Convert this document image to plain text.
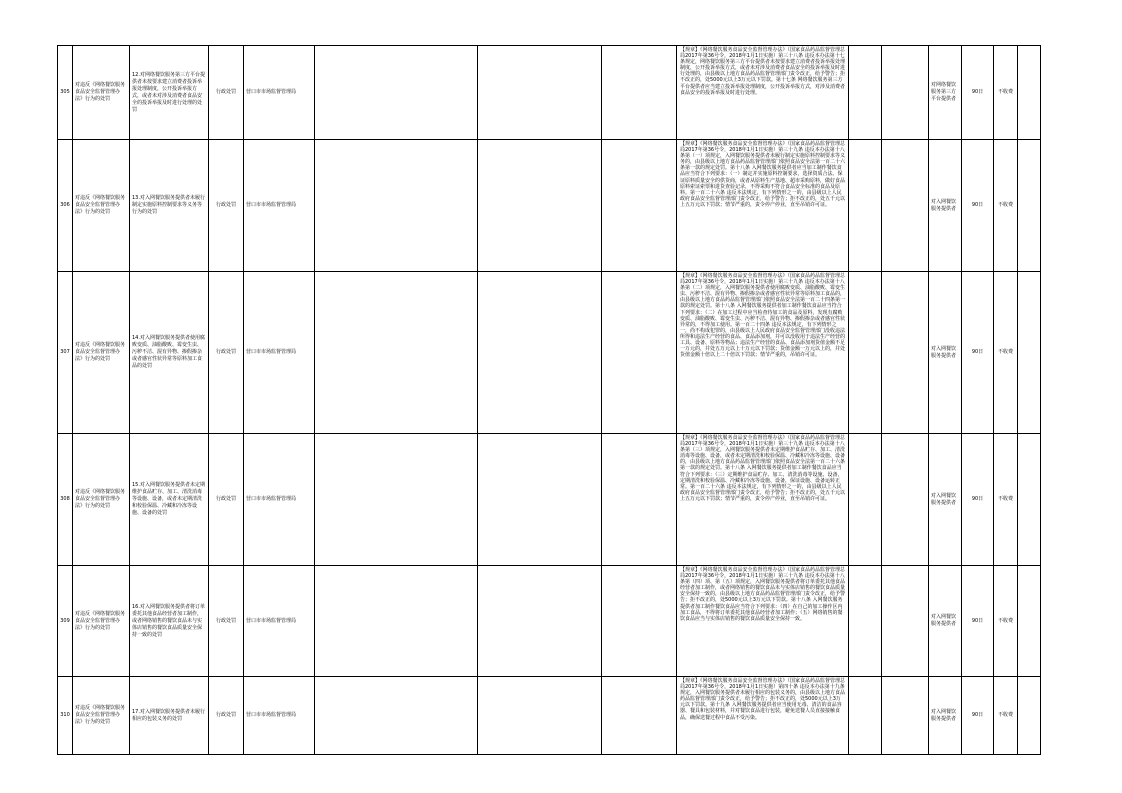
305	对违反《网络餐饮服务食品安全监督管理办法》行为的处罚	12.对网络餐饮服务第三方平台提供者未按要求建立消费者投诉举报处理制度，公开投诉举报方式，或者未对涉及消费者食品安全的投诉举报及时进行处理的处罚	行政处罚	营口市市场监督管理局				【规章】《网络餐饮服务食品安全监督管理办法》（国家食品药品监督管理总局2017年第36号令，2018年1月1日实施）第三十八条 违反本办法第十七条规定，网络餐饮服务第三方平台提供者未按要求建立消费者投诉举报处理制度，公开投诉举报方式，或者未对涉及消费者食品安全的投诉举报及时进行处理的，由县级以上地方食品药品监督管理部门责令改正，给予警告；拒不改正的，处5000元以上3万元以下罚款。第十七条 网络餐饮服务第三方平台提供者应当建立投诉举报处理制度，公开投诉举报方式，对涉及消费者食品安全的投诉举报及时进行处理。			对网络餐饮服务第三方平台提供者	90日	不收费	
306	对违反《网络餐饮服务食品安全监督管理办法》行为的处罚	13.对入网餐饮服务提供者未履行制定实施原料控制要求等义务等行为的处罚	行政处罚	营口市市场监督管理局				【规章】《网络餐饮服务食品安全监督管理办法》（国家食品药品监督管理总局2017年第36号令，2018年1月1日实施）第三十九条 违反本办法第十八条第（一）项规定，入网餐饮服务提供者未履行制定实施原料控制要求等义务的，由县级以上地方食品药品监督管理部门依照食品安全法第一百二十六条第一款的规定处罚。第十八条 入网餐饮服务提供者应当加工制作餐饮食品应当符合下列要求：（一）制定并实施原料控制要求，选择资质合法、保证原料质量安全的供货商，或者从原料生产基地、超市采购原料，做好食品原料索证索票和进货查验记录，不得采购不符合食品安全标准的食品及原料。第一百二十六条 违反本法规定，有下列情形之一的，由县级以上人民政府食品安全监督管理部门责令改正，给予警告；拒不改正的，处五千元以上五万元以下罚款；情节严重的，责令停产停业，直至吊销许可证。			对入网餐饮服务提供者	90日	不收费	
307	对违反《网络餐饮服务食品安全监督管理办法》行为的处罚	14.对入网餐饮服务提供者使用腐败变质、油脂酸败、霉变生虫、污秽不洁、混有异物、掺假掺杂或者感官性状异常等原料加工食品的处罚	行政处罚	营口市市场监督管理局				【规章】《网络餐饮服务食品安全监督管理办法》（国家食品药品监督管理总局2017年第36号令，2018年1月1日实施）第三十九条 违反本办法第十八条第（二）项规定，入网餐饮服务提供者使用腐败变质、油脂酸败、霉变生虫、污秽不洁、混有异物、掺假掺杂或者感官性状异常等原料加工食品的，由县级以上地方食品药品监督管理部门依照食品安全法第一百二十四条第一款的规定处罚。第十八条 入网餐饮服务提供者加工制作餐饮食品应当符合下列要求：（二）在加工过程中应当检查待加工的食品及原料，发现有腐败变质、油脂酸败、霉变生虫、污秽不洁、混有异物、掺假掺杂或者感官性状异常的，不得加工使用。第一百二十四条 违反本法规定，有下列情形之一，尚不构成犯罪的，由县级以上人民政府食品安全监督管理部门没收违法所得和违法生产经营的食品、食品添加剂，并可以没收用于违法生产经营的工具、设备、原料等物品；违法生产经营的食品、食品添加剂货值金额不足一万元的，并处五万元以上十万元以下罚款；货值金额一万元以上的，并处货值金额十倍以上二十倍以下罚款；情节严重的，吊销许可证。			对入网餐饮服务提供者	90日	不收费	
308	对违反《网络餐饮服务食品安全监督管理办法》行为的处罚	15.对入网餐饮服务提供者未定期维护食品贮存、加工、清洗消毒等设施、设备，或者未定期清洗和校验保温、冷藏和冷冻等设施、设备的处罚	行政处罚	营口市市场监督管理局				【规章】《网络餐饮服务食品安全监督管理办法》（国家食品药品监督管理总局2017年第36号令，2018年1月1日实施）第三十九条 违反本办法第十八条第（三）项规定，入网餐饮服务提供者未定期维护食品贮存、加工、清洗消毒等设施、设备，或者未定期清洗和校验保温、冷藏和冷冻等设施、设备的，由县级以上地方食品药品监督管理部门依照食品安全法第一百二十六条第一款的规定处罚。第十八条 入网餐饮服务提供者加工制作餐饮食品应当符合下列要求：（三）定期维护食品贮存、加工、清洗消毒等设施、设备，定期清洗和校验保温、冷藏和冷冻等设施、设备，保证设施、设备运转正常。第一百二十六条 违反本法规定，有下列情形之一的，由县级以上人民政府食品安全监督管理部门责令改正，给予警告；拒不改正的，处五千元以上五万元以下罚款；情节严重的，责令停产停业，直至吊销许可证。			对入网餐饮服务提供者	90日	不收费	
309	对违反《网络餐饮服务食品安全监督管理办法》行为的处罚	16.对入网餐饮服务提供者将订单委托其他食品经营者加工制作，或者网络销售的餐饮食品未与实体店销售的餐饮食品质量安全保持一致的处罚	行政处罚	营口市市场监督管理局				【规章】《网络餐饮服务食品安全监督管理办法》（国家食品药品监督管理总局2017年第36号令，2018年1月1日实施）第三十九条 违反本办法第十八条第（四）项、第（五）项规定，入网餐饮服务提供者将订单委托其他食品经营者加工制作，或者网络销售的餐饮食品未与实体店销售的餐饮食品质量安全保持一致的，由县级以上地方食品药品监督管理部门责令改正，给予警告；拒不改正的，处5000元以上3万元以下罚款。第十八条 入网餐饮服务提供者加工制作餐饮食品应当符合下列要求：（四）在自己的加工操作区内加工食品，不得将订单委托其他食品经营者加工制作；（五）网络销售的餐饮食品应当与实体店销售的餐饮食品质量安全保持一致。			对入网餐饮服务提供者	90日	不收费	
310	对违反《网络餐饮服务食品安全监督管理办法》行为的处罚	17.对入网餐饮服务提供者未履行相应的包装义务的处罚	行政处罚	营口市市场监督管理局				【规章】《网络餐饮服务食品安全监督管理办法》（国家食品药品监督管理总局2017年第36号令，2018年1月1日实施）第四十条 违反本办法第十九条规定，入网餐饮服务提供者未履行相应的包装义务的，由县级以上地方食品药品监督管理部门责令改正，给予警告；拒不改正的，处5000元以上3万元以下罚款。第十九条 入网餐饮服务提供者应当使用无毒、清洁的食品容器、餐具和包装材料，并对餐饮食品进行包装，避免送餐人员直接接触食品，确保送餐过程中食品不受污染。			对入网餐饮服务提供者	90日	不收费	
